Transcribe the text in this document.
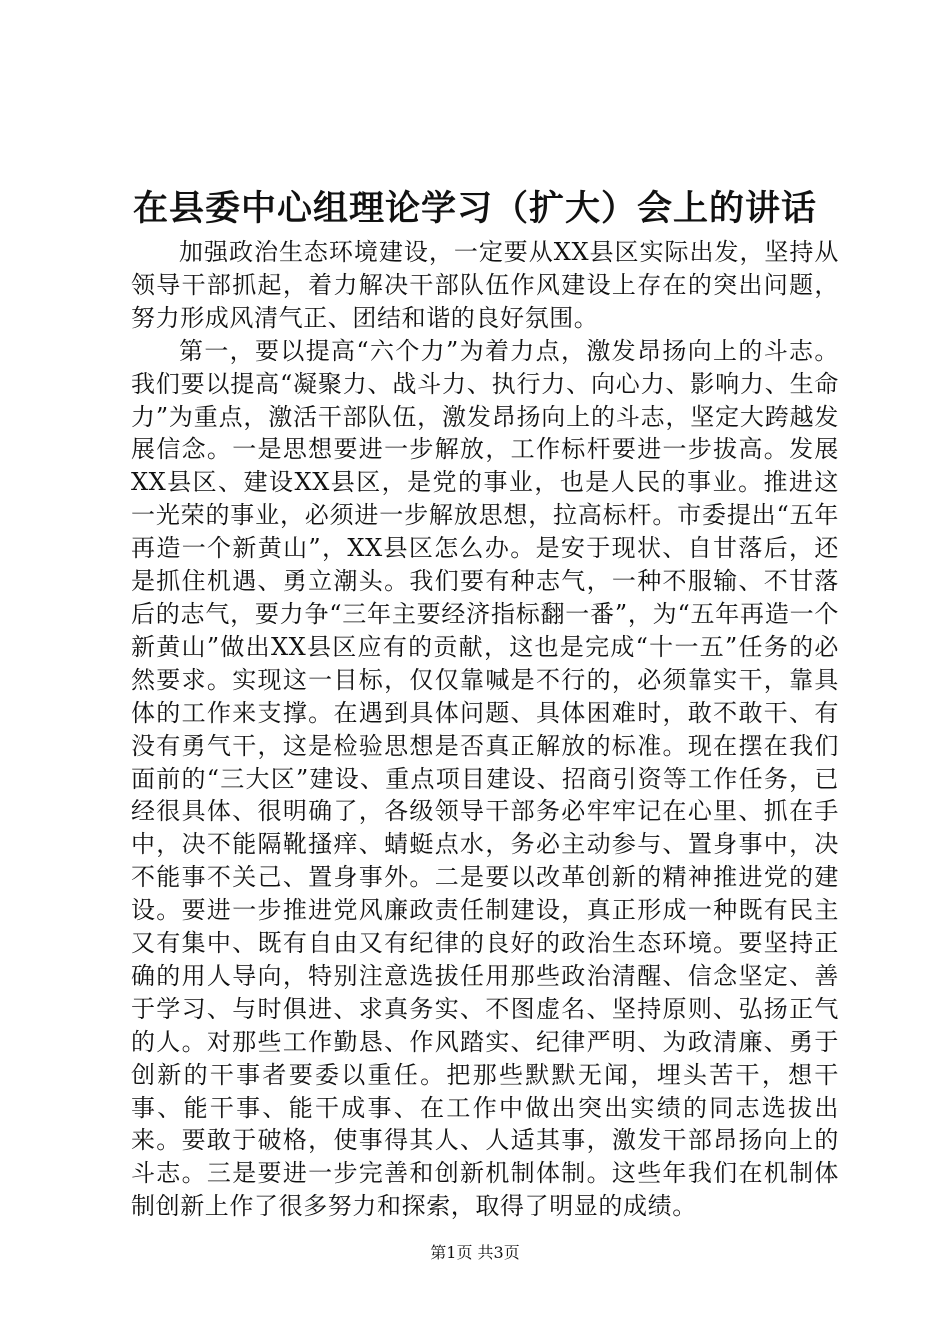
在县委中心组理论学习（扩大）会上的讲话

加强政治生态环境建设，一定要从XX县区实际出发，坚持从领导干部抓起，着力解决干部队伍作风建设上存在的突出问题，努力形成风清气正、团结和谐的良好氛围。

第一，要以提高“六个力”为着力点，激发昂扬向上的斗志。我们要以提高“凝聚力、战斗力、执行力、向心力、影响力、生命力”为重点，激活干部队伍，激发昂扬向上的斗志，坚定大跨越发展信念。一是思想要进一步解放，工作标杆要进一步拔高。发展XX县区、建设XX县区，是党的事业，也是人民的事业。推进这一光荣的事业，必须进一步解放思想，拉高标杆。市委提出“五年再造一个新黄山”，XX县区怎么办。是安于现状、自甘落后，还是抓住机遇、勇立潮头。我们要有种志气，一种不服输、不甘落后的志气，要力争“三年主要经济指标翻一番”，为“五年再造一个新黄山”做出XX县区应有的贡献，这也是完成“十一五”任务的必然要求。实现这一目标，仅仅靠喊是不行的，必须靠实干，靠具体的工作来支撑。在遇到具体问题、具体困难时，敢不敢干、有没有勇气干，这是检验思想是否真正解放的标准。现在摆在我们面前的“三大区”建设、重点项目建设、招商引资等工作任务，已经很具体、很明确了，各级领导干部务必牢牢记在心里、抓在手中，决不能隔靴搔痒、蜻蜓点水，务必主动参与、置身事中，决不能事不关己、置身事外。二是要以改革创新的精神推进党的建设。要进一步推进党风廉政责任制建设，真正形成一种既有民主又有集中、既有自由又有纪律的良好的政治生态环境。要坚持正确的用人导向，特别注意选拔任用那些政治清醒、信念坚定、善于学习、与时俱进、求真务实、不图虚名、坚持原则、弘扬正气的人。对那些工作勤恳、作风踏实、纪律严明、为政清廉、勇于创新的干事者要委以重任。把那些默默无闻，埋头苦干，想干事、能干事、能干成事、在工作中做出突出实绩的同志选拔出来。要敢于破格，使事得其人、人适其事，激发干部昂扬向上的斗志。三是要进一步完善和创新机制体制。这些年我们在机制体制创新上作了很多努力和探索，取得了明显的成绩。

第1页 共3页
